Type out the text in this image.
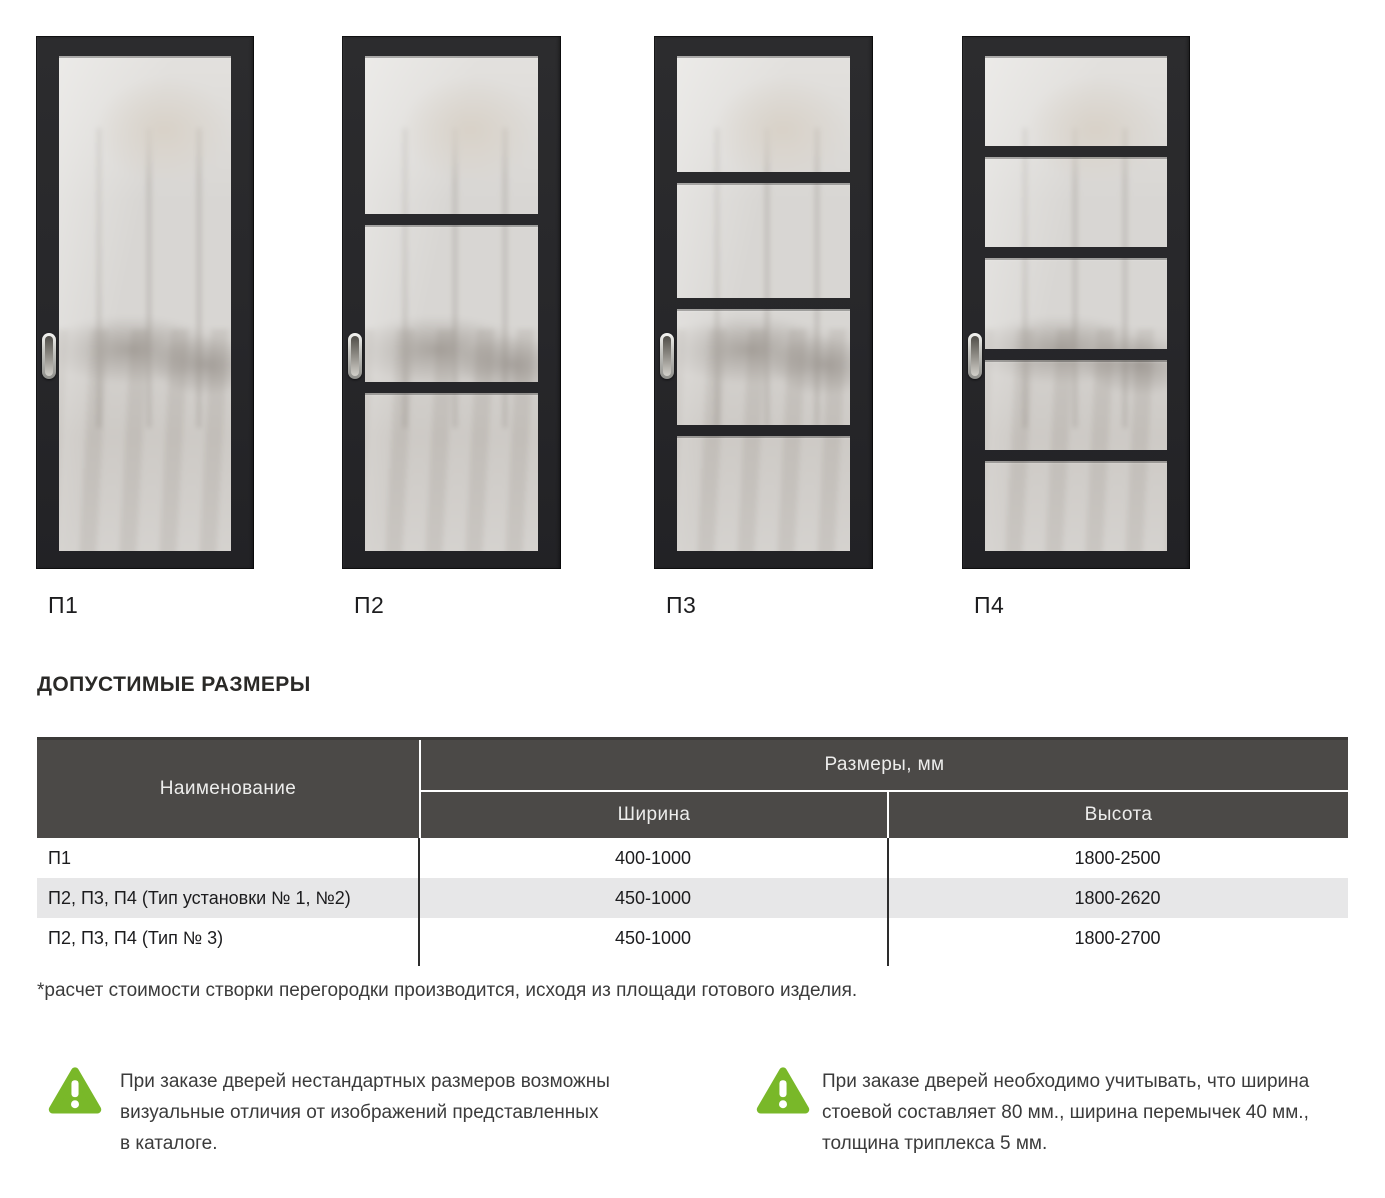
П1	П2	П3	П4
ДОПУСТИМЫЕ РАЗМЕРЫ
Наименование
Размеры, мм
Ширина	Высота
П1	400-1000	1800-2500
П2, П3, П4 (Тип установки № 1, №2)	450-1000	1800-2620
П2, П3, П4 (Тип № 3)	450-1000	1800-2700
*расчет стоимости створки перегородки производится, исходя из площади готового изделия.
При заказе дверей нестандартных размеров возможны
визуальные отличия от изображений представленных
в каталоге.
При заказе дверей необходимо учитывать, что ширина
стоевой составляет 80 мм., ширина перемычек 40 мм.,
толщина триплекса 5 мм.
